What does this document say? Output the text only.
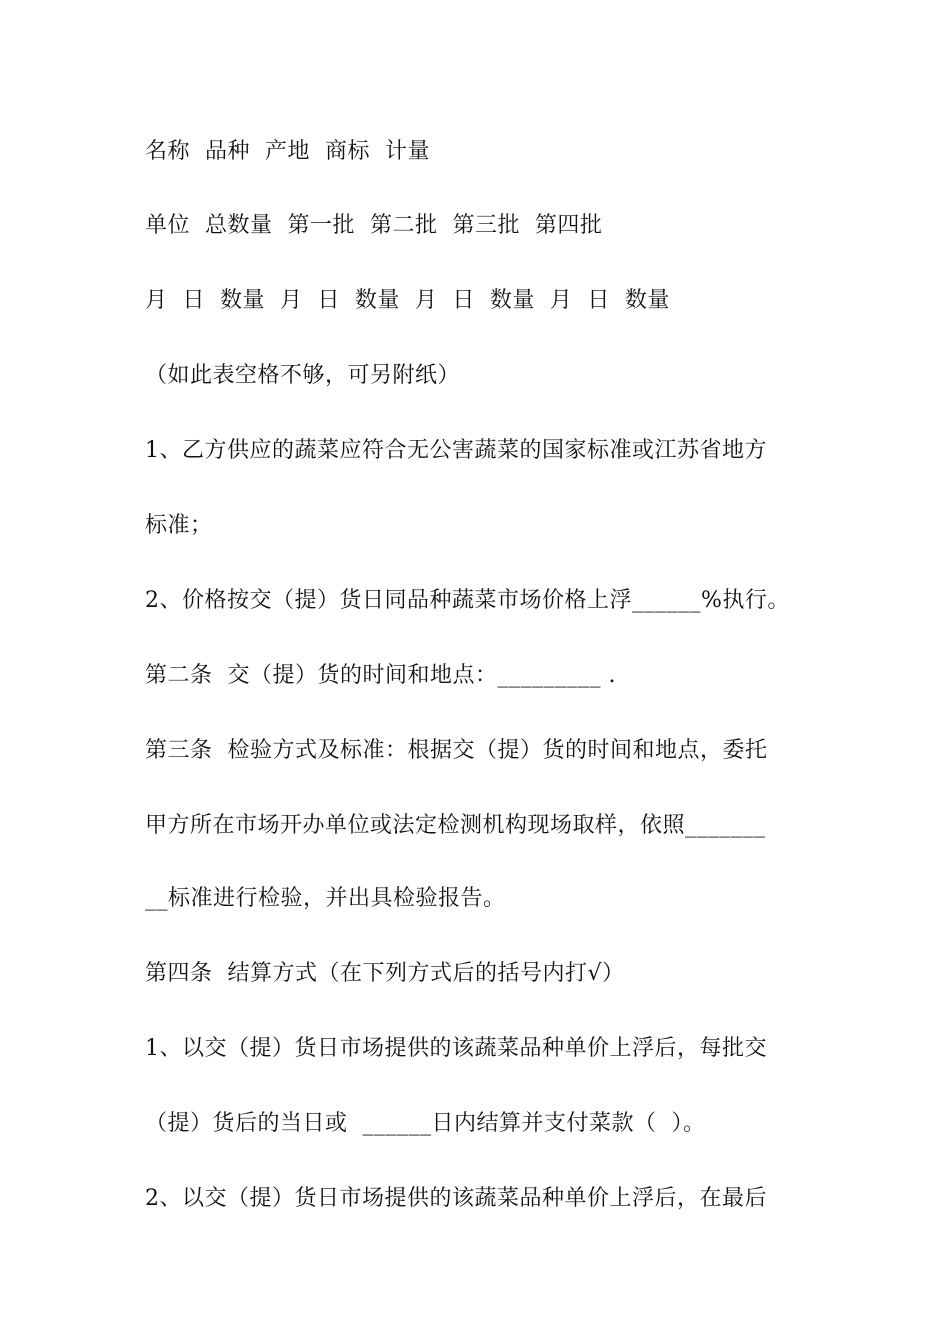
名称  品种  产地  商标  计量
单位  总数量  第一批  第二批  第三批  第四批
月  日  数量  月  日  数量  月  日  数量  月  日  数量
（如此表空格不够，可另附纸）
1、乙方供应的蔬菜应符合无公害蔬菜的国家标准或江苏省地方
标准；
2、价格按交（提）货日同品种蔬菜市场价格上浮______%执行。
第二条  交（提）货的时间和地点：_________ .
第三条  检验方式及标准：根据交（提）货的时间和地点，委托
甲方所在市场开办单位或法定检测机构现场取样，依照_______
__标准进行检验，并出具检验报告。
第四条  结算方式（在下列方式后的括号内打√）
1、以交（提）货日市场提供的该蔬菜品种单价上浮后，每批交
（提）货后的当日或  ______日内结算并支付菜款（  ）。
2、以交（提）货日市场提供的该蔬菜品种单价上浮后，在最后
